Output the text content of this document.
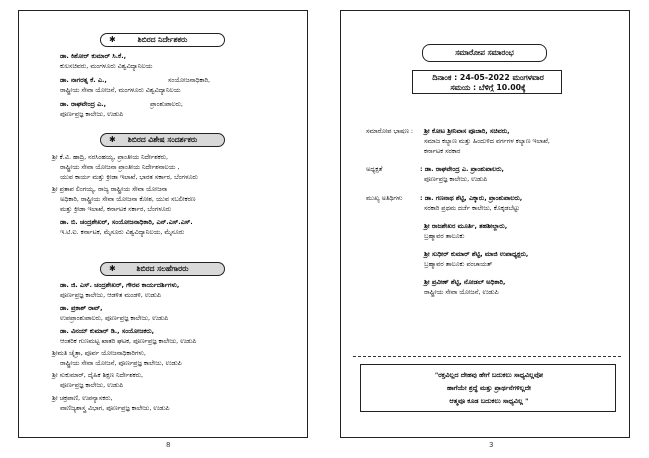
8
✱	ಶಿಬಿರದ ನಿರ್ದೇಶಕರು
ಡಾ. ಕಿಶೋರ್ ಕುಮಾರ್ ಸಿ.ಕೆ.,
ಕುಲಸಚಿವರು, ಮಂಗಳೂರು ವಿಶ್ವವಿದ್ಯಾನಿಲಯ
ಡಾ. ನಾಗರತ್ನ ಕೆ. ಎ.,	ಸಂಯೋಜನಾಧಿಕಾರಿ,
ರಾಷ್ಟ್ರೀಯ ಸೇವಾ ಯೋಜನೆ, ಮಂಗಳೂರು ವಿಶ್ವವಿದ್ಯಾನಿಲಯ
ಡಾ. ರಾಘವೇಂದ್ರ ಎ.,	ಪ್ರಾಂಶುಪಾಲರು,
ಪೂರ್ಣಪ್ರಜ್ಞ ಕಾಲೇಜು, ಉಡುಪಿ
✱ ಶಿಬಿರದ ವಿಶೇಷ ಸಂದರ್ಶಕರು
ಶ್ರೀ ಕೆ.ವಿ. ಹಾದ್ರಿ, ನರಸಿಂಹಯ್ಯ, ಪ್ರಾಂತೀಯ ನಿರ್ದೇಶಕರು,
ರಾಷ್ಟ್ರೀಯ ಸೇವಾ ಯೋಜನಾ ಪ್ರಾಂತೀಯ ನಿರ್ದೇಶನಾಲಯ ,
ಯುವ ಕಾರ್ಯ ಮತ್ತು ಕ್ರೀಡಾ ಇಲಾಖೆ, ಭಾರತ ಸರ್ಕಾರ, ಬೆಂಗಳೂರು
ಶ್ರೀ ಪ್ರತಾಪ ಲಿಂಗಯ್ಯ, ರಾಜ್ಯ ರಾಷ್ಟ್ರೀಯ ಸೇವಾ ಯೋಜನಾ
ಅಧಿಕಾರಿ, ರಾಷ್ಟ್ರೀಯ ಸೇವಾ ಯೋಜನಾ ಕೋಶ, ಯುವ ಸಬಲೀಕರಣ
ಮತ್ತು ಕ್ರೀಡಾ ಇಲಾಖೆ, ಕರ್ನಾಟಕ ಸರ್ಕಾರ, ಬೆಂಗಳೂರು
ಡಾ. ಬಿ. ಚಂದ್ರಶೇಖರ್, ಸಂಯೋಜನಾಧಿಕಾರಿ, ಎನ್.ಎಸ್.ಎಸ್.
ಇ.ಟಿ.ಐ. ಕರ್ನಾಟಕ, ಮೈಸೂರು ವಿಶ್ವವಿದ್ಯಾನಿಲಯ, ಮೈಸೂರು
✱	ಶಿಬಿರದ ಸಲಹೆಗಾರರು
ಡಾ. ಜಿ. ಎಸ್. ಚಂದ್ರಶೇಖರ್, ಗೌರವ ಕಾರ್ಯದರ್ಶಿಗಳು,
ಪೂರ್ಣಪ್ರಜ್ಞ ಕಾಲೇಜು, ಆಡಳಿತ ಮಂಡಳಿ, ಉಡುಪಿ
ಡಾ. ಪ್ರಕಾಶ್ ರಾವ್,
ಉಪಪ್ರಾಂಶುಪಾಲರು, ಪೂರ್ಣಪ್ರಜ್ಞ ಕಾಲೇಜು, ಉಡುಪಿ
ಡಾ. ವಿನಯ್ ಕುಮಾರ್ ಡಿ., ಸಂಯೋಜಕರು,
ಆಂತರಿಕ ಗುಣಮಟ್ಟ ಖಾತರಿ ಘಟಕ, ಪೂರ್ಣಪ್ರಜ್ಞ ಕಾಲೇಜು, ಉಡುಪಿ
ಶ್ರೀಮತಿ ಚೈತ್ರಾ, ಪೂರ್ವ ಯೋಜನಾಧಿಕಾರಿಗಳು,
ರಾಷ್ಟ್ರೀಯ ಸೇವಾ ಯೋಜನೆ, ಪೂರ್ಣಪ್ರಜ್ಞ ಕಾಲೇಜು, ಉಡುಪಿ
ಶ್ರೀ ಸುಕುಮಾರ್, ದೈಹಿಕ ಶಿಕ್ಷಣ ನಿರ್ದೇಶಕರು,
ಪೂರ್ಣಪ್ರಜ್ಞ ಕಾಲೇಜು, ಉಡುಪಿ
ಶ್ರೀ ಚಕ್ರಪಾಣಿ, ಉಪನ್ಯಾಸಕರು,
ವಾಣಿಜ್ಯಶಾಸ್ತ್ರ ವಿಭಾಗ, ಪೂರ್ಣಪ್ರಜ್ಞ ಕಾಲೇಜು, ಉಡುಪಿ
3
ಸಮಾರೋಪ ಸಮಾರಂಭ
ದಿನಾಂಕ : 24-05-2022 ಮಂಗಳವಾರ
ಸಮಯ : ಬೆಳಿಗ್ಗೆ 10.00ಕ್ಕೆ
ಸಮಾರೋಪ ಭಾಷಣ : ಶ್ರೀ ಕೋಟ ಶ್ರೀನಿವಾಸ ಪೂಜಾರಿ, ಸಚಿವರು,
ಸಮಾಜ ಕಲ್ಯಾಣ ಮತ್ತು ಹಿಂದುಳಿದ ವರ್ಗಗಳ ಕಲ್ಯಾಣ ಇಲಾಖೆ,
ಕರ್ನಾಟಕ ಸರಕಾರ
ಅಧ್ಯಕ್ಷತೆ	: ಡಾ. ರಾಘವೇಂದ್ರ ಎ. ಪ್ರಾಂಶುಪಾಲರು,
ಪೂರ್ಣಪ್ರಜ್ಞ ಕಾಲೇಜು, ಉಡುಪಿ
ಮುಖ್ಯ ಅತಿಥಿಗಳು	: ಡಾ. ಗಣನಾಥ ಶೆಟ್ಟಿ, ಎಕ್ಕಾರು, ಪ್ರಾಂಶುಪಾಲರು,
ಸರಕಾರಿ ಪ್ರಥಮ ದರ್ಜೆ ಕಾಲೇಜು, ಕೊಕ್ಕಡಬೆಟ್ಟು
ಶ್ರೀ ರಾಜಶೇಖರ ಮೂರ್ತಿ, ತಹಶೀಲ್ದಾರು,
ಬ್ರಹ್ಮಾವರ ತಾಲೂಕು
ಶ್ರೀ ಸುಧೀರ್ ಕುಮಾರ್ ಶೆಟ್ಟಿ, ಮಾಜಿ ಉಪಾಧ್ಯಕ್ಷರು,
ಬ್ರಹ್ಮಾವರ ತಾಲೂಕು ಪಂಚಾಯತ್
ಶ್ರೀ ಪ್ರವೀಣ್ ಶೆಟ್ಟಿ, ನೋಡಲ್ ಅಧಿಕಾರಿ,
ರಾಷ್ಟ್ರೀಯ ಸೇವಾ ಯೋಜನೆ, ಉಡುಪಿ
"ರಕ್ತವಿಲ್ಲದ ದೇಹವು ಹೇಗೆ ಬದುಕಲು ಸಾಧ್ಯವಿಲ್ಲವೋ
ಹಾಗೆಯೇ ಶ್ರದ್ಧೆ ಮತ್ತು ಪ್ರಾರ್ಥನೆಗಳಿಲ್ಲದೇ
ಆತ್ಮವೂ ಕೂಡ ಬದುಕಲು ಸಾಧ್ಯವಿಲ್ಲ "
